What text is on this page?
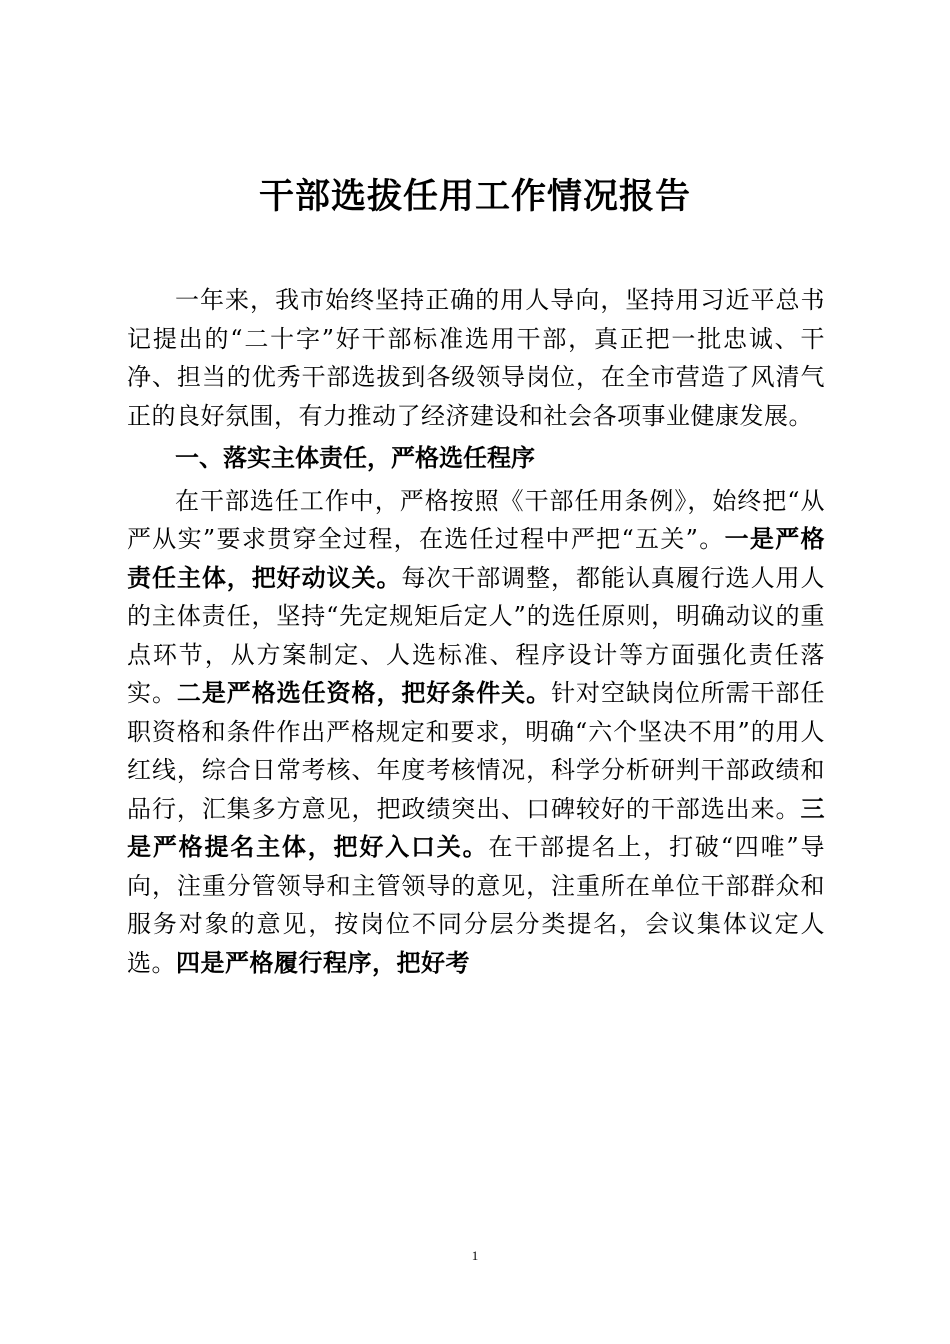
干部选拔任用工作情况报告

一年来，我市始终坚持正确的用人导向，坚持用习近平总书记提出的“二十字”好干部标准选用干部，真正把一批忠诚、干净、担当的优秀干部选拔到各级领导岗位，在全市营造了风清气正的良好氛围，有力推动了经济建设和社会各项事业健康发展。

一、落实主体责任，严格选任程序

在干部选任工作中，严格按照《干部任用条例》，始终把“从严从实”要求贯穿全过程，在选任过程中严把“五关”。一是严格责任主体，把好动议关。每次干部调整，都能认真履行选人用人的主体责任，坚持“先定规矩后定人”的选任原则，明确动议的重点环节，从方案制定、人选标准、程序设计等方面强化责任落实。二是严格选任资格，把好条件关。针对空缺岗位所需干部任职资格和条件作出严格规定和要求，明确“六个坚决不用”的用人红线，综合日常考核、年度考核情况，科学分析研判干部政绩和品行，汇集多方意见，把政绩突出、口碑较好的干部选出来。三是严格提名主体，把好入口关。在干部提名上，打破“四唯”导向，注重分管领导和主管领导的意见，注重所在单位干部群众和服务对象的意见，按岗位不同分层分类提名，会议集体议定人选。四是严格履行程序，把好考

1
